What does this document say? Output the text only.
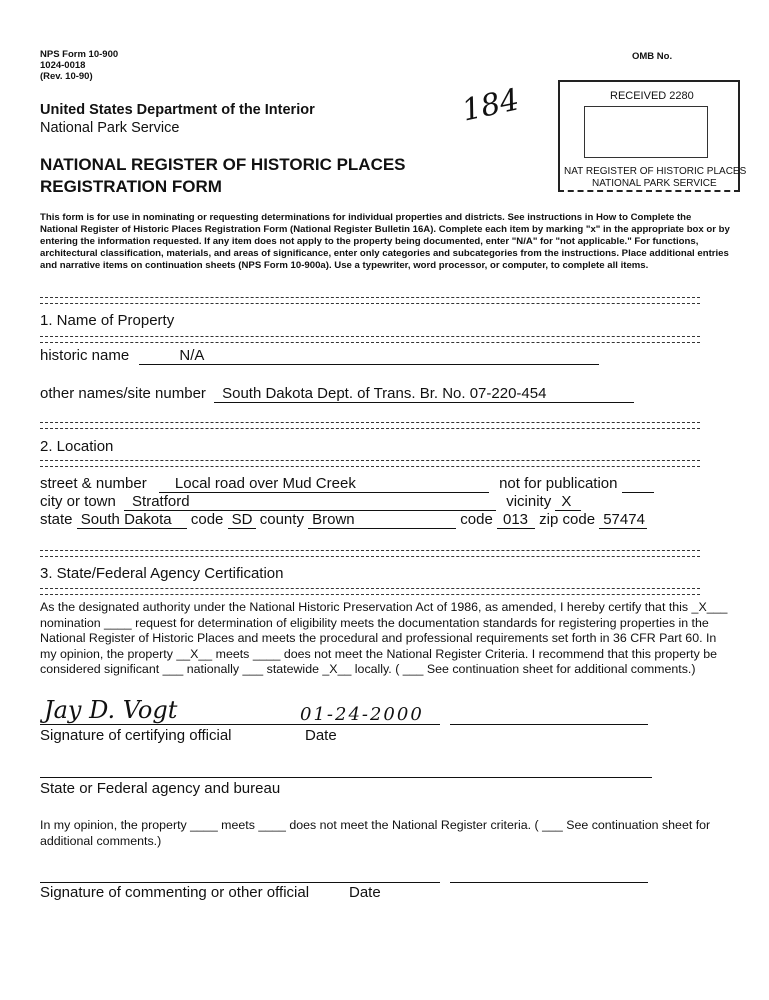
NPS Form 10-900
1024-0018
(Rev. 10-90)
OMB No.
United States Department of the Interior
National Park Service
NATIONAL REGISTER OF HISTORIC PLACES
REGISTRATION FORM
184	RECEIVED 2280
NAT REGISTER OF HISTORIC PLACES
NATIONAL PARK SERVICE
This form is for use in nominating or requesting determinations for individual properties and districts. See instructions in How to Complete the National Register of Historic Places Registration Form (National Register Bulletin 16A). Complete each item by marking "x" in the appropriate box or by entering the information requested. If any item does not apply to the property being documented, enter "N/A" for "not applicable." For functions, architectural classification, materials, and areas of significance, enter only categories and subcategories from the instructions. Place additional entries and narrative items on continuation sheets (NPS Form 10-900a). Use a typewriter, word processor, or computer, to complete all items.
1. Name of Property
historic name	N/A
other names/site number South Dakota Dept. of Trans. Br. No. 07-220-454
2. Location
street & number Local road over Mud Creek	not for publication
city or town Stratford	vicinity X
state South Dakota code SD county Brown	code 013 zip code 57474
3. State/Federal Agency Certification
As the designated authority under the National Historic Preservation Act of 1986, as amended, I hereby certify that this _X___ nomination ____ request for determination of eligibility meets the documentation standards for registering properties in the National Register of Historic Places and meets the procedural and professional requirements set forth in 36 CFR Part 60. In my opinion, the property __X__ meets ____ does not meet the National Register Criteria. I recommend that this property be considered significant ___ nationally ___ statewide _X__ locally. ( ___ See continuation sheet for additional comments.)
Jay D. Vogt	01-24-2000
Signature of certifying official	Date
State or Federal agency and bureau
In my opinion, the property ____ meets ____ does not meet the National Register criteria. ( ___ See continuation sheet for additional comments.)
Signature of commenting or other official	Date
